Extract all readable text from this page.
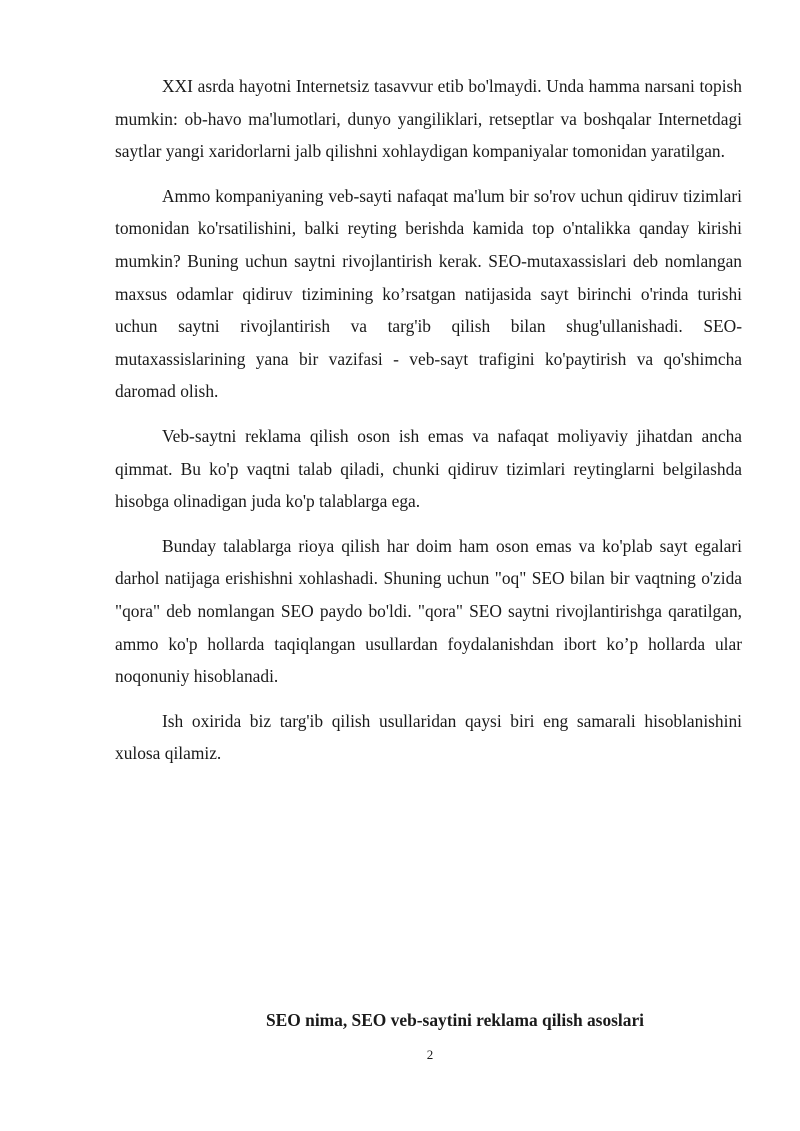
XXI asrda hayotni Internetsiz tasavvur etib bo'lmaydi. Unda hamma narsani topish mumkin: ob-havo ma'lumotlari, dunyo yangiliklari, retseptlar va boshqalar Internetdagi saytlar yangi xaridorlarni jalb qilishni xohlaydigan kompaniyalar tomonidan yaratilgan.

Ammo kompaniyaning veb-sayti nafaqat ma'lum bir so'rov uchun qidiruv tizimlari tomonidan ko'rsatilishini, balki reyting berishda kamida top o'ntalikka qanday kirishi mumkin? Buning uchun saytni rivojlantirish kerak. SEO-mutaxassislari deb nomlangan maxsus odamlar qidiruv tizimining ko’rsatgan natijasida sayt birinchi o'rinda turishi uchun saytni rivojlantirish va targ'ib qilish bilan shug'ullanishadi. SEO-mutaxassislarining yana bir vazifasi - veb-sayt trafigini ko'paytirish va qo'shimcha daromad olish.

Veb-saytni reklama qilish oson ish emas va nafaqat moliyaviy jihatdan ancha qimmat. Bu ko'p vaqtni talab qiladi, chunki qidiruv tizimlari reytinglarni belgilashda hisobga olinadigan juda ko'p talablarga ega.

Bunday talablarga rioya qilish har doim ham oson emas va ko'plab sayt egalari darhol natijaga erishishni xohlashadi. Shuning uchun "oq" SEO bilan bir vaqtning o'zida "qora" deb nomlangan SEO paydo bo'ldi. "qora" SEO saytni rivojlantirishga qaratilgan, ammo ko'p hollarda taqiqlangan usullardan foydalanishdan ibort ko’p hollarda ular noqonuniy hisoblanadi.

Ish oxirida biz targ'ib qilish usullaridan qaysi biri eng samarali hisoblanishini xulosa qilamiz.

SEO nima, SEO veb-saytini reklama qilish asoslari
2
